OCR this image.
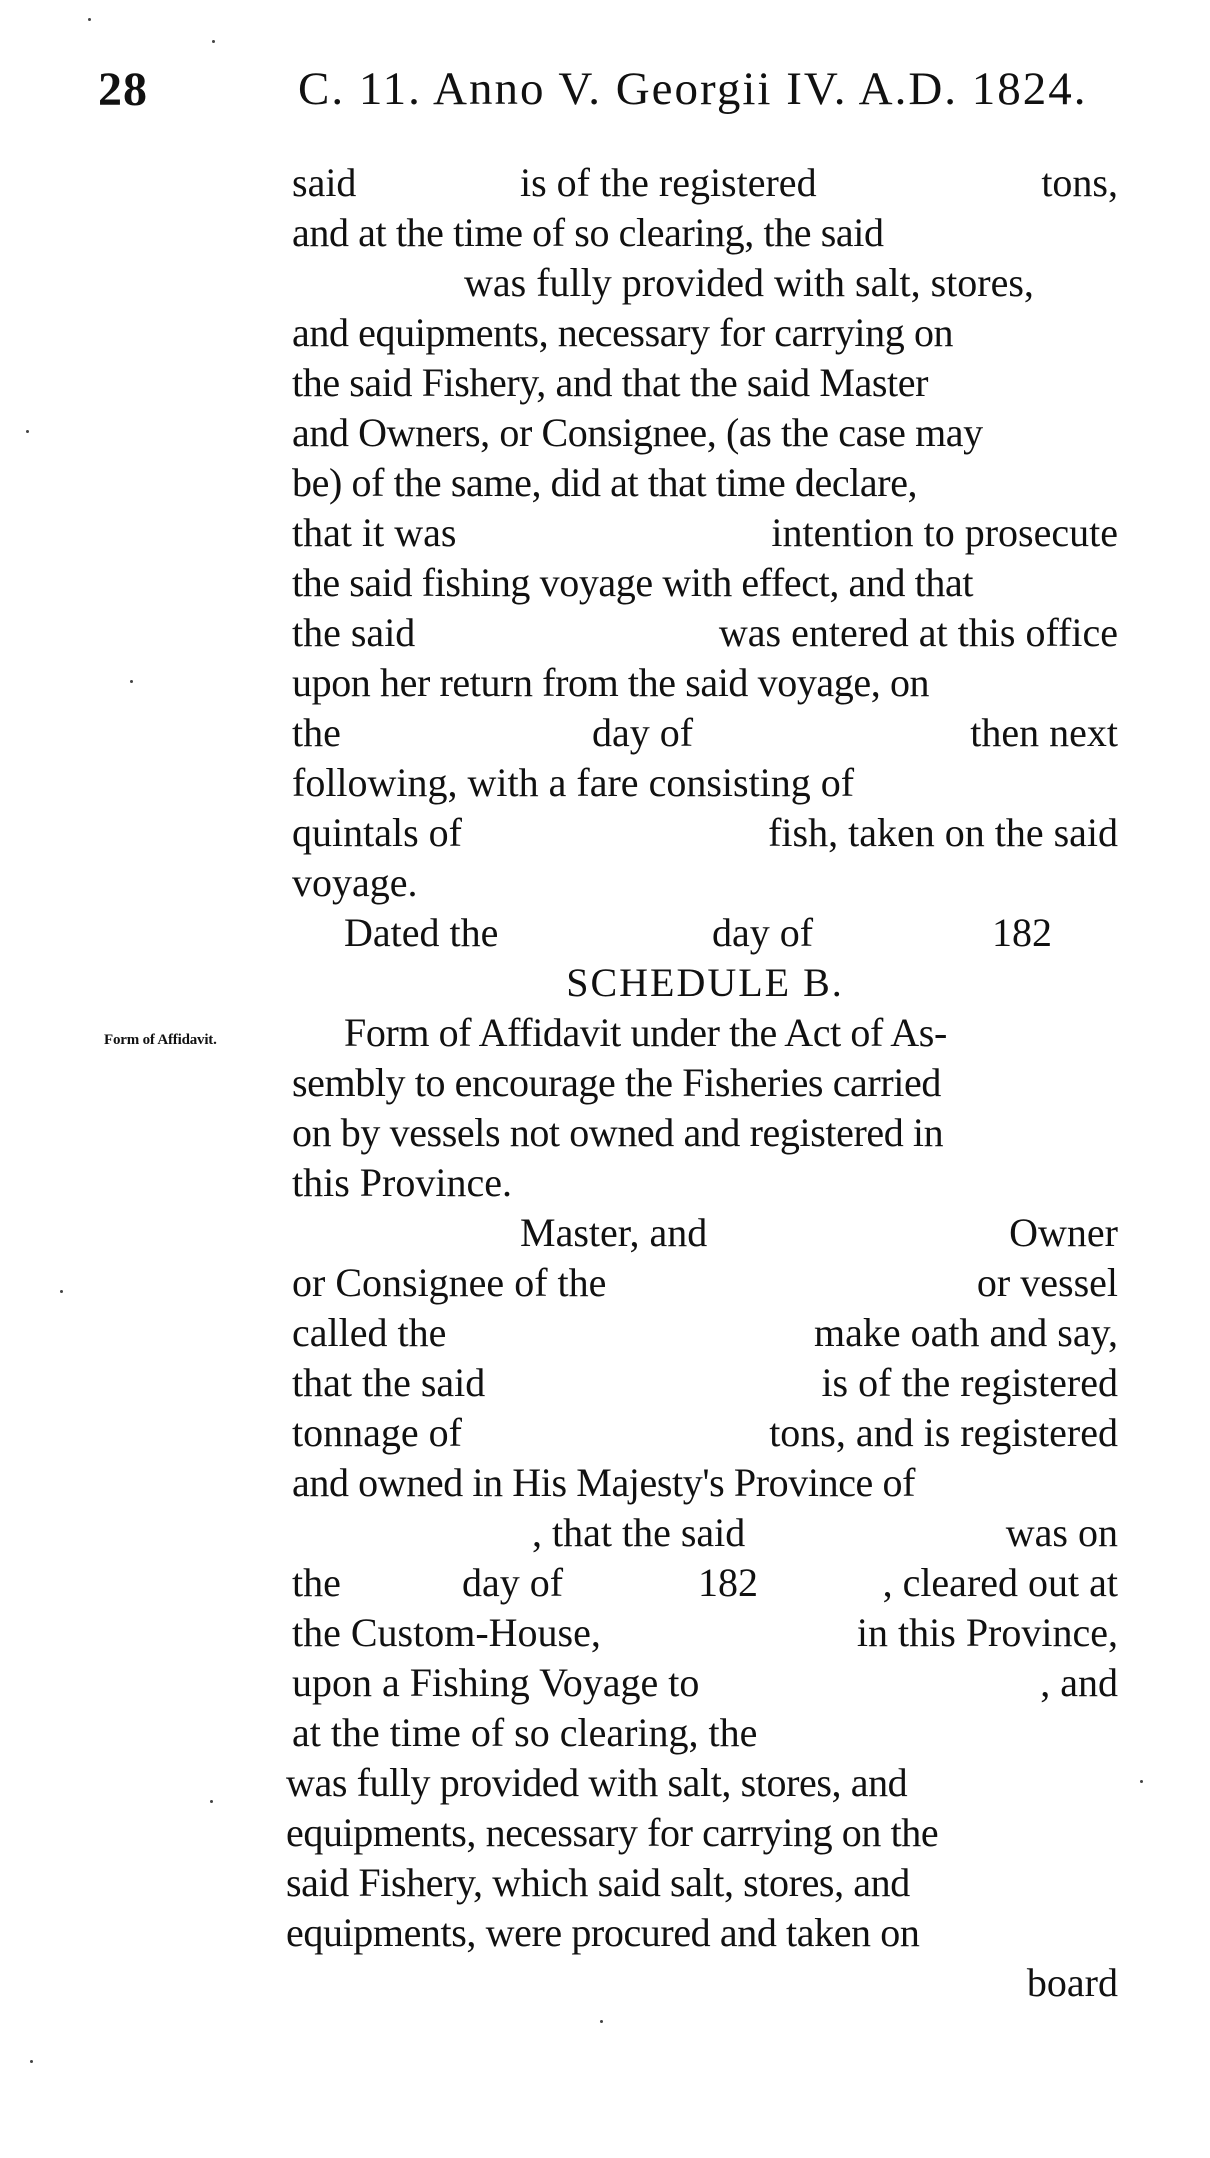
28	C. 11. Anno V. Georgii IV. A.D. 1824.
Form of Affidavit.
said	is of the registered	tons,
and at the time of so clearing, the said
was fully provided with salt, stores,
and equipments, necessary for carrying on
the said Fishery, and that the said Master
and Owners, or Consignee, (as the case may
be) of the same, did at that time declare,
that it was	intention to prosecute
the said fishing voyage with effect, and that
the said	was entered at this office
upon her return from the said voyage, on
the	day of	then next
following, with a fare consisting of
quintals of	fish, taken on the said
voyage.
Dated the	day of	182
SCHEDULE B.
Form of Affidavit under the Act of As-
sembly to encourage the Fisheries carried
on by vessels not owned and registered in
this Province.
Master, and	Owner
or Consignee of the	or vessel
called the	make oath and say,
that the said	is of the registered
tonnage of	tons, and is registered
and owned in His Majesty's Province of
, that the said	was on
the	day of	182	, cleared out at
the Custom-House,	in this Province,
upon a Fishing Voyage to	, and
at the time of so clearing, the
was fully provided with salt, stores, and
equipments, necessary for carrying on the
said Fishery, which said salt, stores, and
equipments, were procured and taken on
board
